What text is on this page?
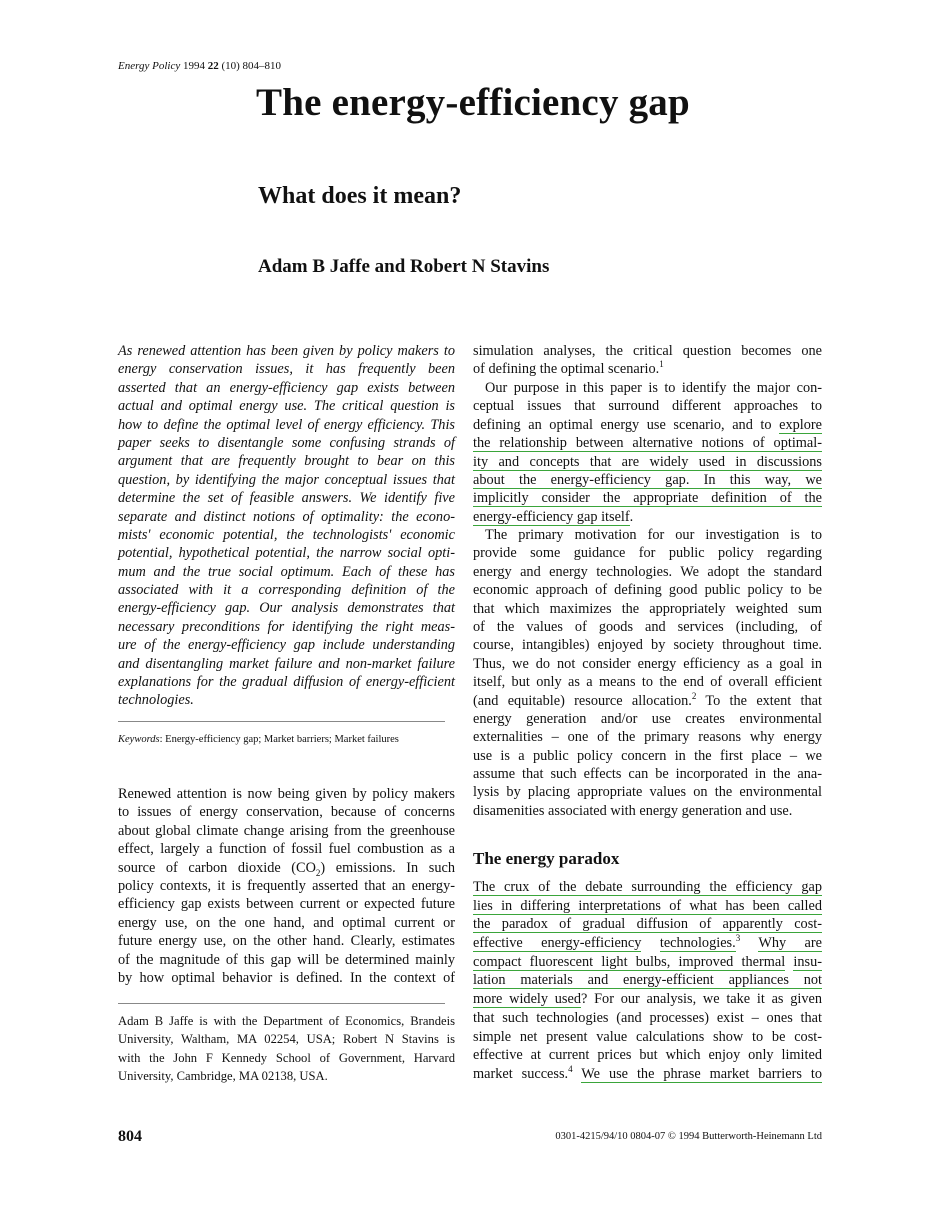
Energy Policy 1994 22 (10) 804–810
The energy-efficiency gap
What does it mean?
Adam B Jaffe and Robert N Stavins
As renewed attention has been given by policy makers to
energy conservation issues, it has frequently been
asserted that an energy-efficiency gap exists between
actual and optimal energy use. The critical question is
how to define the optimal level of energy efficiency. This
paper seeks to disentangle some confusing strands of
argument that are frequently brought to bear on this
question, by identifying the major conceptual issues that
determine the set of feasible answers. We identify five
separate and distinct notions of optimality: the econo-
mists' economic potential, the technologists' economic
potential, hypothetical potential, the narrow social opti-
mum and the true social optimum. Each of these has
associated with it a corresponding definition of the
energy-efficiency gap. Our analysis demonstrates that
necessary preconditions for identifying the right meas-
ure of the energy-efficiency gap include understanding
and disentangling market failure and non-market failure
explanations for the gradual diffusion of energy-efficient
technologies.
Keywords: Energy-efficiency gap; Market barriers; Market failures
Renewed attention is now being given by policy makers
to issues of energy conservation, because of concerns
about global climate change arising from the greenhouse
effect, largely a function of fossil fuel combustion as a
source of carbon dioxide $(CO_2)$ emissions. In such
policy contexts, it is frequently asserted that an energy-
efficiency gap exists between current or expected future
energy use, on the one hand, and optimal current or
future energy use, on the other hand. Clearly, estimates
of the magnitude of this gap will be determined mainly
by how optimal behavior is defined. In the context of
Adam B Jaffe is with the Department of Economics, Brandeis
University, Waltham, MA 02254, USA; Robert N Stavins is
with the John F Kennedy School of Government, Harvard
University, Cambridge, MA 02138, USA.
simulation analyses, the critical question becomes one
of defining the optimal scenario.$^1$
Our purpose in this paper is to identify the major con-
ceptual issues that surround different approaches to
defining an optimal energy use scenario, and to explore
the relationship between alternative notions of optimal-
ity and concepts that are widely used in discussions
about the energy-efficiency gap. In this way, we
implicitly consider the appropriate definition of the
energy-efficiency gap itself.
The primary motivation for our investigation is to
provide some guidance for public policy regarding
energy and energy technologies. We adopt the standard
economic approach of defining good public policy to be
that which maximizes the appropriately weighted sum
of the values of goods and services (including, of
course, intangibles) enjoyed by society throughout time.
Thus, we do not consider energy efficiency as a goal in
itself, but only as a means to the end of overall efficient
(and equitable) resource allocation.$^2$ To the extent that
energy generation and/or use creates environmental
externalities – one of the primary reasons why energy
use is a public policy concern in the first place – we
assume that such effects can be incorporated in the ana-
lysis by placing appropriate values on the environmental
disamenities associated with energy generation and use.
The energy paradox
The crux of the debate surrounding the efficiency gap
lies in differing interpretations of what has been called
the paradox of gradual diffusion of apparently cost-
effective energy-efficiency technologies.$^3$ Why are
compact fluorescent light bulbs, improved thermal insu-
lation materials and energy-efficient appliances not
more widely used? For our analysis, we take it as given
that such technologies (and processes) exist – ones that
simple net present value calculations show to be cost-
effective at current prices but which enjoy only limited
market success.$^4$ We use the phrase market barriers to
804	0301-4215/94/10 0804-07 © 1994 Butterworth-Heinemann Ltd
